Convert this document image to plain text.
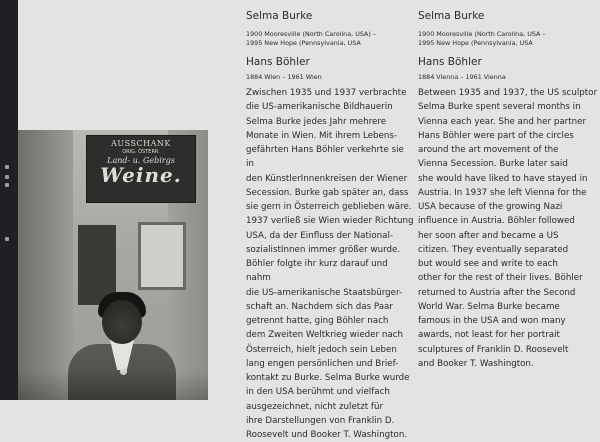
AUSSCHANK
ORIG. ÖSTERR.
Land- u. Gebirgs
Weine.

Selma Burke

1900 Mooresville (North Carolina, USA) –
1995 New Hope (Pennsylvania, USA

Hans Böhler

1884 Wien – 1961 Wien

Zwischen 1935 und 1937 verbrachte
die US-amerikanische Bildhauerin
Selma Burke jedes Jahr mehrere
Monate in Wien. Mit ihrem Lebens-
gefährten Hans Böhler verkehrte sie in
den KünstlerInnenkreisen der Wiener
Secession. Burke gab später an, dass
sie gern in Österreich geblieben wäre.
1937 verließ sie Wien wieder Richtung
USA, da der Einfluss der National-
sozialistInnen immer größer wurde.
Böhler folgte ihr kurz darauf und nahm
die US-amerikanische Staatsbürger-
schaft an. Nachdem sich das Paar
getrennt hatte, ging Böhler nach
dem Zweiten Weltkrieg wieder nach
Österreich, hielt jedoch sein Leben
lang engen persönlichen und Brief-
kontakt zu Burke. Selma Burke wurde
in den USA berühmt und vielfach
ausgezeichnet, nicht zuletzt für
ihre Darstellungen von Franklin D.
Roosevelt und Booker T. Washington.

Selma Burke

1900 Mooresville (North Carolina, USA –
1995 New Hope (Pennsylvania, USA

Hans Böhler

1884 Vienna – 1961 Vienna

Between 1935 and 1937, the US sculptor
Selma Burke spent several months in
Vienna each year. She and her partner
Hans Böhler were part of the circles
around the art movement of the
Vienna Secession. Burke later said
she would have liked to have stayed in
Austria. In 1937 she left Vienna for the
USA because of the growing Nazi
influence in Austria. Böhler followed
her soon after and became a US
citizen. They eventually separated
but would see and write to each
other for the rest of their lives. Böhler
returned to Austria after the Second
World War. Selma Burke became
famous in the USA and won many
awards, not least for her portrait
sculptures of Franklin D. Roosevelt
and Booker T. Washington.
